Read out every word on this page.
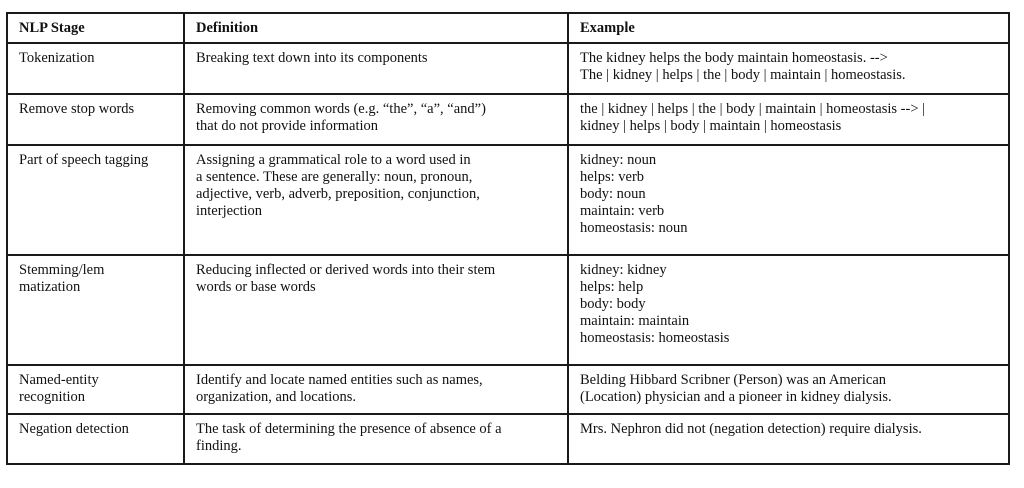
NLP Stage	Definition	Example

Tokenization	Breaking text down into its components	The kidney helps the body maintain homeostasis. -->
The | kidney | helps | the | body | maintain | homeostasis.

Remove stop words	Removing common words (e.g. “the”, “a”, “and”)
that do not provide information	the | kidney | helps | the | body | maintain | homeostasis --> |
kidney | helps | body | maintain | homeostasis

Part of speech tagging	Assigning a grammatical role to a word used in
a sentence. These are generally: noun, pronoun,
adjective, verb, adverb, preposition, conjunction,
interjection	kidney: noun
helps: verb
body: noun
maintain: verb
homeostasis: noun

Stemming/lem
matization	Reducing inflected or derived words into their stem
words or base words	kidney: kidney
helps: help
body: body
maintain: maintain
homeostasis: homeostasis

Named-entity
recognition	Identify and locate named entities such as names,
organization, and locations.	Belding Hibbard Scribner (Person) was an American
(Location) physician and a pioneer in kidney dialysis.

Negation detection	The task of determining the presence of absence of a
finding.	Mrs. Nephron did not (negation detection) require dialysis.
